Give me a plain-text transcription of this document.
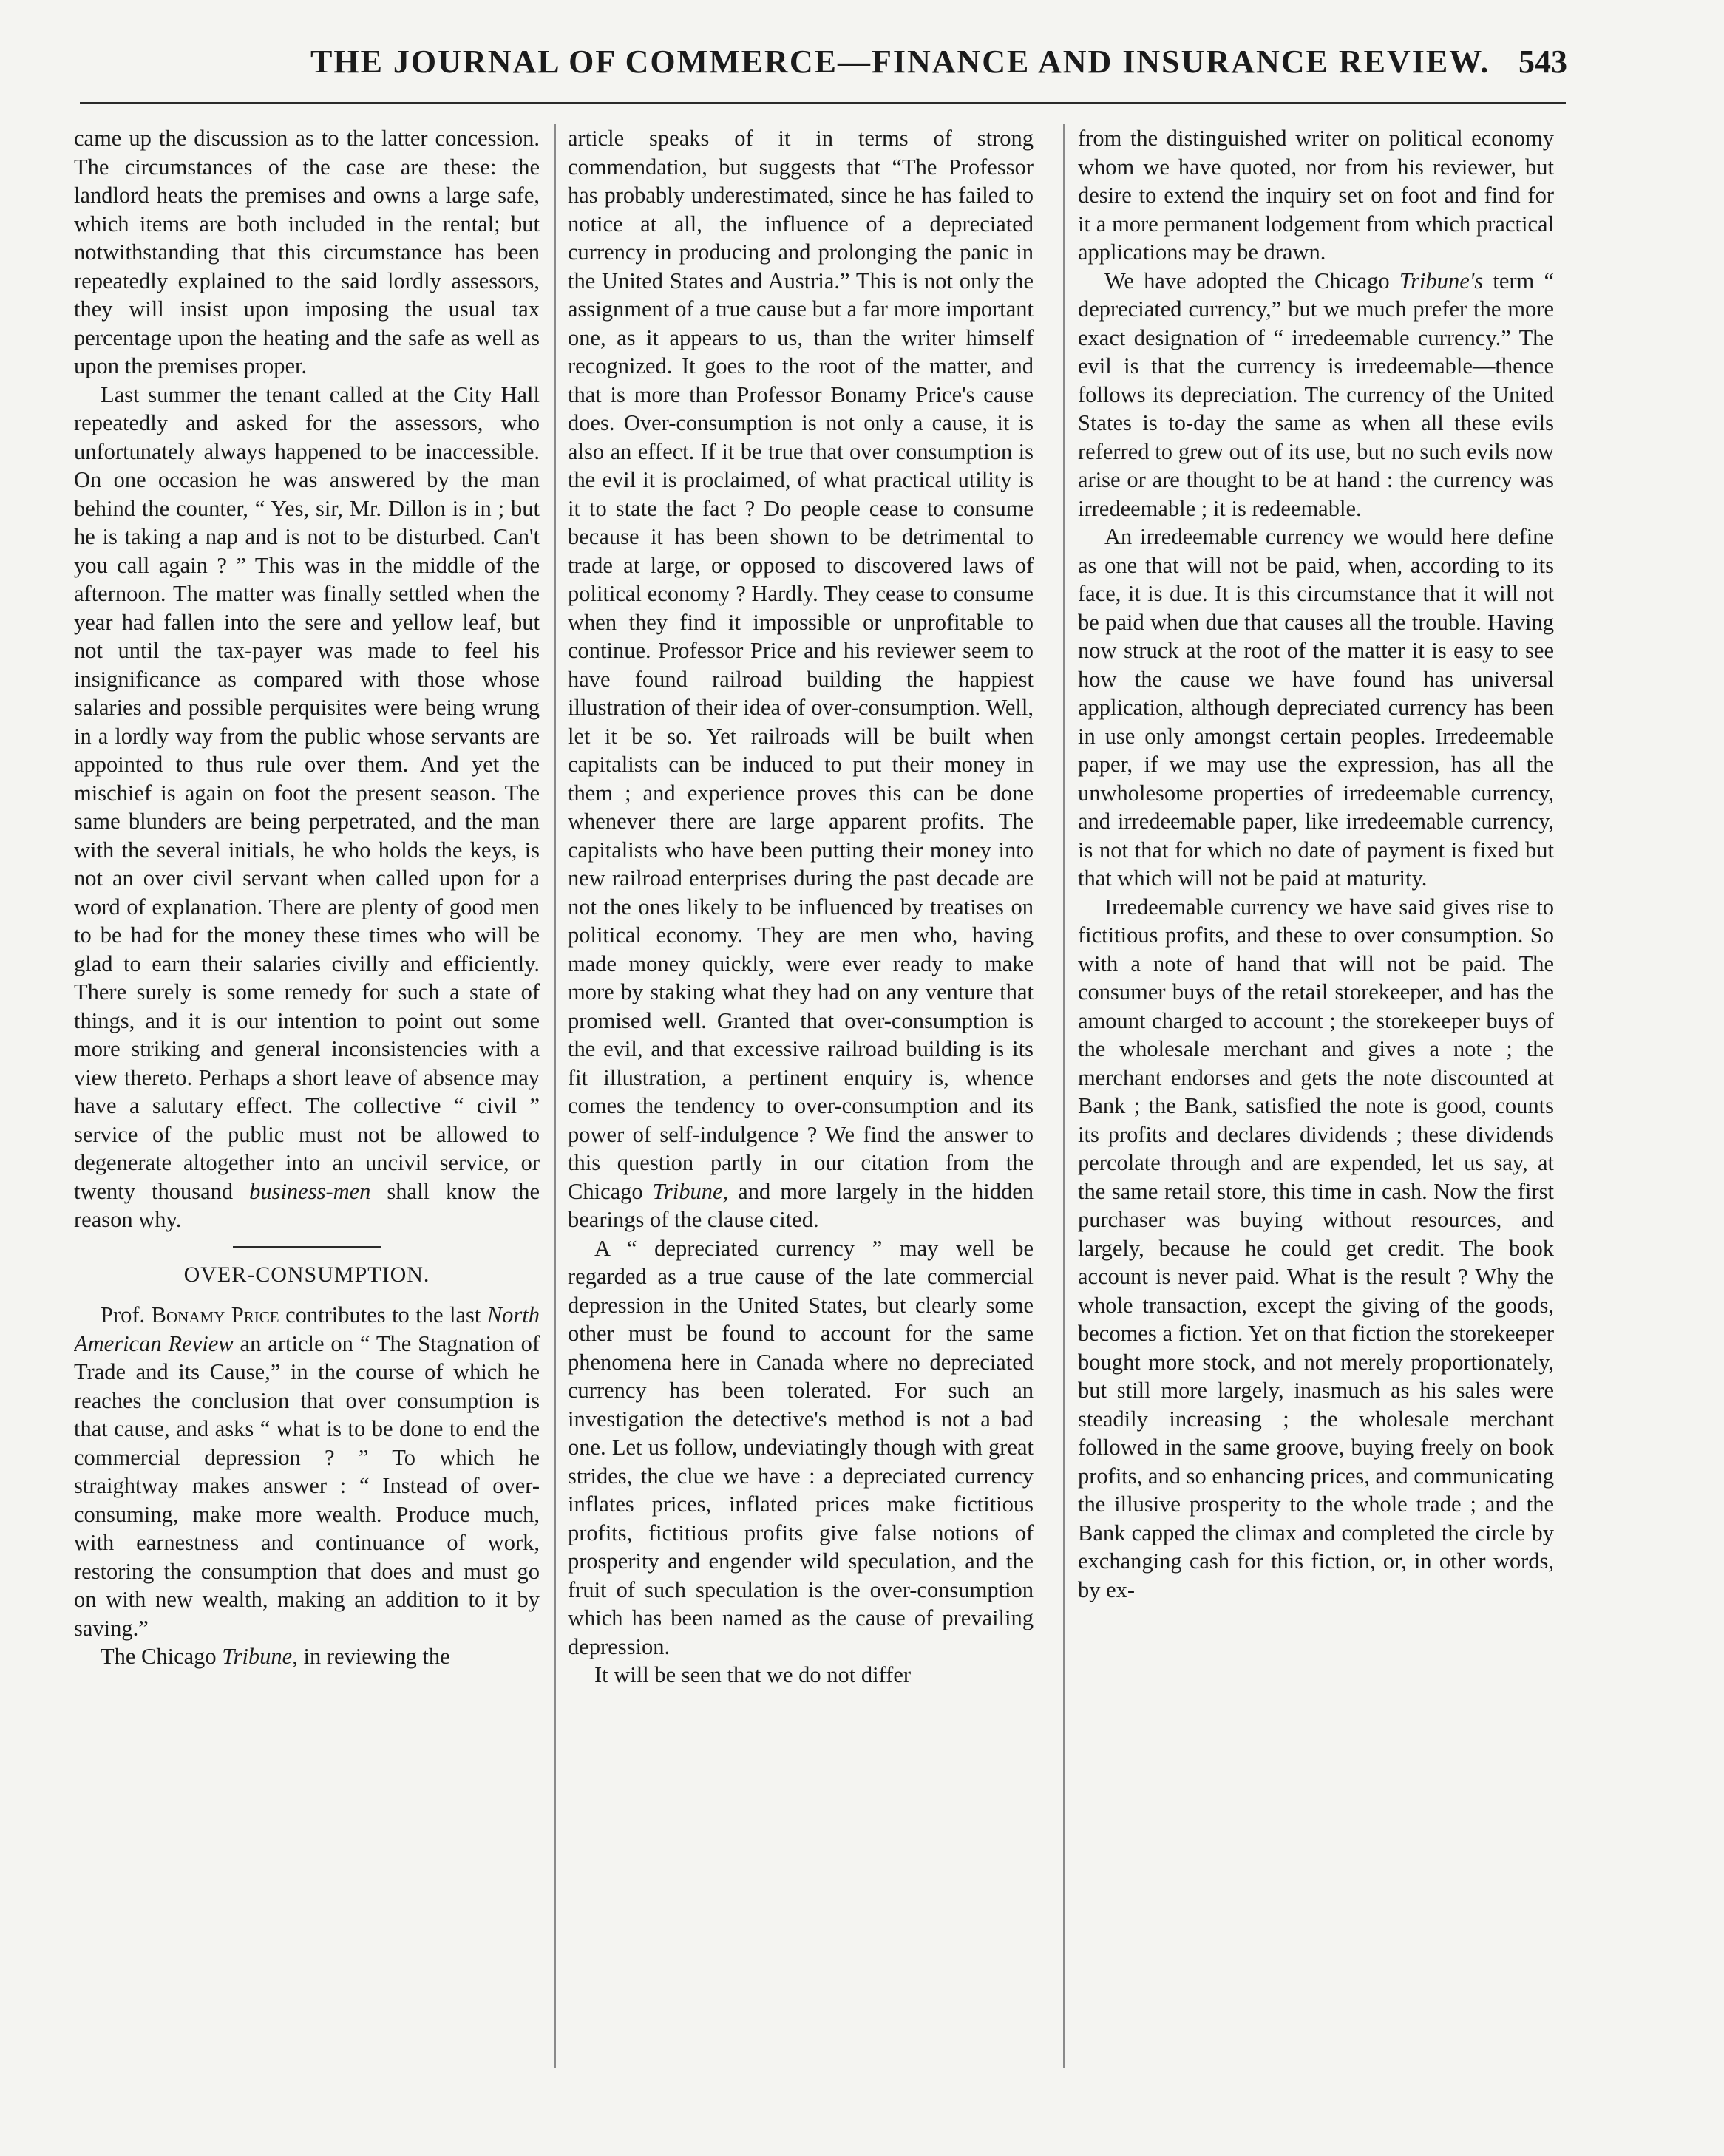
THE JOURNAL OF COMMERCE—FINANCE AND INSURANCE REVIEW. 543

came up the discussion as to the latter concession. The circumstances of the case are these: the landlord heats the premises and owns a large safe, which items are both included in the rental; but notwithstanding that this circumstance has been repeatedly explained to the said lordly assessors, they will insist upon imposing the usual tax percentage upon the heating and the safe as well as upon the premises proper.

Last summer the tenant called at the City Hall repeatedly and asked for the assessors, who unfortunately always happened to be inaccessible. On one occasion he was answered by the man behind the counter, “ Yes, sir, Mr. Dillon is in ; but he is taking a nap and is not to be disturbed. Can't you call again ? ” This was in the middle of the afternoon. The matter was finally settled when the year had fallen into the sere and yellow leaf, but not until the tax-payer was made to feel his insignificance as compared with those whose salaries and possible perquisites were being wrung in a lordly way from the public whose servants are appointed to thus rule over them. And yet the mischief is again on foot the present season. The same blunders are being perpetrated, and the man with the several initials, he who holds the keys, is not an over civil servant when called upon for a word of explanation. There are plenty of good men to be had for the money these times who will be glad to earn their salaries civilly and efficiently. There surely is some remedy for such a state of things, and it is our intention to point out some more striking and general inconsistencies with a view thereto. Perhaps a short leave of absence may have a salutary effect. The collective “ civil ” service of the public must not be allowed to degenerate altogether into an uncivil service, or twenty thousand business-men shall know the reason why.

OVER-CONSUMPTION.

Prof. Bonamy Price contributes to the last North American Review an article on “ The Stagnation of Trade and its Cause,” in the course of which he reaches the conclusion that over consumption is that cause, and asks “ what is to be done to end the commercial depression ? ” To which he straightway makes answer : “ Instead of over-consuming, make more wealth. Produce much, with earnestness and continuance of work, restoring the consumption that does and must go on with new wealth, making an addition to it by saving.”

The Chicago Tribune, in reviewing the

article speaks of it in terms of strong commendation, but suggests that “The Professor has probably underestimated, since he has failed to notice at all, the influence of a depreciated currency in producing and prolonging the panic in the United States and Austria.” This is not only the assignment of a true cause but a far more important one, as it appears to us, than the writer himself recognized. It goes to the root of the matter, and that is more than Professor Bonamy Price's cause does. Over-consumption is not only a cause, it is also an effect. If it be true that over consumption is the evil it is proclaimed, of what practical utility is it to state the fact ? Do people cease to consume because it has been shown to be detrimental to trade at large, or opposed to discovered laws of political economy ? Hardly. They cease to consume when they find it impossible or unprofitable to continue. Professor Price and his reviewer seem to have found railroad building the happiest illustration of their idea of over-consumption. Well, let it be so. Yet railroads will be built when capitalists can be induced to put their money in them ; and experience proves this can be done whenever there are large apparent profits. The capitalists who have been putting their money into new railroad enterprises during the past decade are not the ones likely to be influenced by treatises on political economy. They are men who, having made money quickly, were ever ready to make more by staking what they had on any venture that promised well. Granted that over-consumption is the evil, and that excessive railroad building is its fit illustration, a pertinent enquiry is, whence comes the tendency to over-consumption and its power of self-indulgence ? We find the answer to this question partly in our citation from the Chicago Tribune, and more largely in the hidden bearings of the clause cited.

A “ depreciated currency ” may well be regarded as a true cause of the late commercial depression in the United States, but clearly some other must be found to account for the same phenomena here in Canada where no depreciated currency has been tolerated. For such an investigation the detective's method is not a bad one. Let us follow, undeviatingly though with great strides, the clue we have : a depreciated currency inflates prices, inflated prices make fictitious profits, fictitious profits give false notions of prosperity and engender wild speculation, and the fruit of such speculation is the over-consumption which has been named as the cause of prevailing depression.

It will be seen that we do not differ

from the distinguished writer on political economy whom we have quoted, nor from his reviewer, but desire to extend the inquiry set on foot and find for it a more permanent lodgement from which practical applications may be drawn.

We have adopted the Chicago Tribune's term “ depreciated currency,” but we much prefer the more exact designation of “ irredeemable currency.” The evil is that the currency is irredeemable—thence follows its depreciation. The currency of the United States is to-day the same as when all these evils referred to grew out of its use, but no such evils now arise or are thought to be at hand : the currency was irredeemable ; it is redeemable.

An irredeemable currency we would here define as one that will not be paid, when, according to its face, it is due. It is this circumstance that it will not be paid when due that causes all the trouble. Having now struck at the root of the matter it is easy to see how the cause we have found has universal application, although depreciated currency has been in use only amongst certain peoples. Irredeemable paper, if we may use the expression, has all the unwholesome properties of irredeemable currency, and irredeemable paper, like irredeemable currency, is not that for which no date of payment is fixed but that which will not be paid at maturity.

Irredeemable currency we have said gives rise to fictitious profits, and these to over consumption. So with a note of hand that will not be paid. The consumer buys of the retail storekeeper, and has the amount charged to account ; the storekeeper buys of the wholesale merchant and gives a note ; the merchant endorses and gets the note discounted at Bank ; the Bank, satisfied the note is good, counts its profits and declares dividends ; these dividends percolate through and are expended, let us say, at the same retail store, this time in cash. Now the first purchaser was buying without resources, and largely, because he could get credit. The book account is never paid. What is the result ? Why the whole transaction, except the giving of the goods, becomes a fiction. Yet on that fiction the storekeeper bought more stock, and not merely proportionately, but still more largely, inasmuch as his sales were steadily increasing ; the wholesale merchant followed in the same groove, buying freely on book profits, and so enhancing prices, and communicating the illusive prosperity to the whole trade ; and the Bank capped the climax and completed the circle by exchanging cash for this fiction, or, in other words, by ex-
